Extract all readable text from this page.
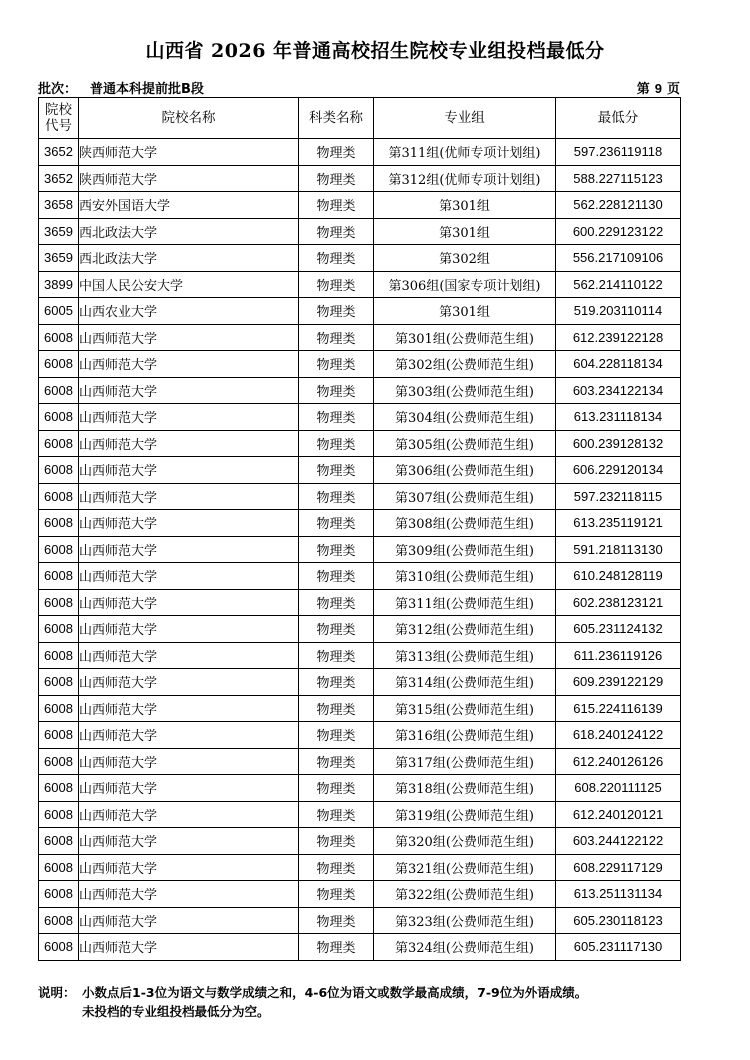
山西省 2026 年普通高校招生院校专业组投档最低分
批次： 普通本科提前批B段	第 9 页
院校
代号	院校名称	科类名称	专业组	最低分
3652	陕西师范大学	物理类	第311组(优师专项计划组)	597.236119118
3652	陕西师范大学	物理类	第312组(优师专项计划组)	588.227115123
3658	西安外国语大学	物理类	第301组	562.228121130
3659	西北政法大学	物理类	第301组	600.229123122
3659	西北政法大学	物理类	第302组	556.217109106
3899	中国人民公安大学	物理类	第306组(国家专项计划组)	562.214110122
6005	山西农业大学	物理类	第301组	519.203110114
6008	山西师范大学	物理类	第301组(公费师范生组)	612.239122128
6008	山西师范大学	物理类	第302组(公费师范生组)	604.228118134
6008	山西师范大学	物理类	第303组(公费师范生组)	603.234122134
6008	山西师范大学	物理类	第304组(公费师范生组)	613.231118134
6008	山西师范大学	物理类	第305组(公费师范生组)	600.239128132
6008	山西师范大学	物理类	第306组(公费师范生组)	606.229120134
6008	山西师范大学	物理类	第307组(公费师范生组)	597.232118115
6008	山西师范大学	物理类	第308组(公费师范生组)	613.235119121
6008	山西师范大学	物理类	第309组(公费师范生组)	591.218113130
6008	山西师范大学	物理类	第310组(公费师范生组)	610.248128119
6008	山西师范大学	物理类	第311组(公费师范生组)	602.238123121
6008	山西师范大学	物理类	第312组(公费师范生组)	605.231124132
6008	山西师范大学	物理类	第313组(公费师范生组)	611.236119126
6008	山西师范大学	物理类	第314组(公费师范生组)	609.239122129
6008	山西师范大学	物理类	第315组(公费师范生组)	615.224116139
6008	山西师范大学	物理类	第316组(公费师范生组)	618.240124122
6008	山西师范大学	物理类	第317组(公费师范生组)	612.240126126
6008	山西师范大学	物理类	第318组(公费师范生组)	608.220111125
6008	山西师范大学	物理类	第319组(公费师范生组)	612.240120121
6008	山西师范大学	物理类	第320组(公费师范生组)	603.244122122
6008	山西师范大学	物理类	第321组(公费师范生组)	608.229117129
6008	山西师范大学	物理类	第322组(公费师范生组)	613.251131134
6008	山西师范大学	物理类	第323组(公费师范生组)	605.230118123
6008	山西师范大学	物理类	第324组(公费师范生组)	605.231117130
说明： 小数点后1-3位为语文与数学成绩之和，4-6位为语文或数学最高成绩，7-9位为外语成绩。
未投档的专业组投档最低分为空。
